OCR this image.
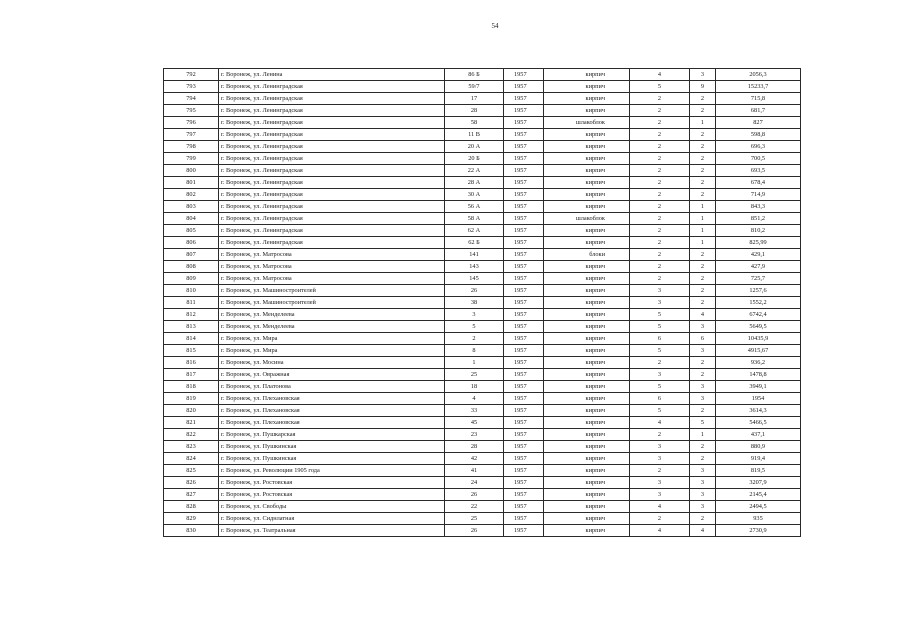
54
792	г. Воронеж, ул. Ленина	86 Б	1957	кирпич	4	3	2056,3
793	г. Воронеж, ул. Ленинградская	59/7	1957	кирпич	5	9	15233,7
794	г. Воронеж, ул. Ленинградская	17	1957	кирпич	2	2	715,8
795	г. Воронеж, ул. Ленинградская	28	1957	кирпич	2	2	681,7
796	г. Воронеж, ул. Ленинградская	58	1957	шлакоблок	2	1	827
797	г. Воронеж, ул. Ленинградская	11 В	1957	кирпич	2	2	598,8
798	г. Воронеж, ул. Ленинградская	20 А	1957	кирпич	2	2	696,3
799	г. Воронеж, ул. Ленинградская	20 Б	1957	кирпич	2	2	700,5
800	г. Воронеж, ул. Ленинградская	22 А	1957	кирпич	2	2	693,5
801	г. Воронеж, ул. Ленинградская	28 А	1957	кирпич	2	2	678,4
802	г. Воронеж, ул. Ленинградская	30 А	1957	кирпич	2	2	714,9
803	г. Воронеж, ул. Ленинградская	56 А	1957	кирпич	2	1	843,3
804	г. Воронеж, ул. Ленинградская	58 А	1957	шлакоблок	2	1	851,2
805	г. Воронеж, ул. Ленинградская	62 А	1957	кирпич	2	1	810,2
806	г. Воронеж, ул. Ленинградская	62 Б	1957	кирпич	2	1	825,99
807	г. Воронеж, ул. Матросова	141	1957	блоки	2	2	429,1
808	г. Воронеж, ул. Матросова	143	1957	кирпич	2	2	427,9
809	г. Воронеж, ул. Матросова	145	1957	кирпич	2	2	725,7
810	г. Воронеж, ул. Машиностроителей	26	1957	кирпич	3	2	1257,6
811	г. Воронеж, ул. Машиностроителей	38	1957	кирпич	3	2	1552,2
812	г. Воронеж, ул. Менделеева	3	1957	кирпич	5	4	6742,4
813	г. Воронеж, ул. Менделеева	5	1957	кирпич	5	3	5649,5
814	г. Воронеж, ул. Мира	2	1957	кирпич	6	6	10435,9
815	г. Воронеж, ул. Мира	8	1957	кирпич	5	3	4915,67
816	г. Воронеж, ул. Мосина	1	1957	кирпич	2	2	936,2
817	г. Воронеж, ул. Овражная	25	1957	кирпич	3	2	1478,8
818	г. Воронеж, ул. Платонова	18	1957	кирпич	5	3	3949,1
819	г. Воронеж, ул. Плехановская	4	1957	кирпич	6	3	1954
820	г. Воронеж, ул. Плехановская	33	1957	кирпич	5	2	3614,3
821	г. Воронеж, ул. Плехановская	45	1957	кирпич	4	5	5466,5
822	г. Воронеж, ул. Пушкарская	23	1957	кирпич	2	1	437,1
823	г. Воронеж, ул. Пушкинская	28	1957	кирпич	3	2	880,9
824	г. Воронеж, ул. Пушкинская	42	1957	кирпич	3	2	919,4
825	г. Воронеж, ул. Революции 1905 года	41	1957	кирпич	2	3	819,5
826	г. Воронеж, ул. Ростовская	24	1957	кирпич	3	3	3207,9
827	г. Воронеж, ул. Ростовская	26	1957	кирпич	3	3	2145,4
828	г. Воронеж, ул. Свободы	22	1957	кирпич	4	3	2494,5
829	г. Воронеж, ул. Сиднлатная	25	1957	кирпич	2	2	935
830	г. Воронеж, ул. Театральная	26	1957	кирпич	4	4	2730,9
